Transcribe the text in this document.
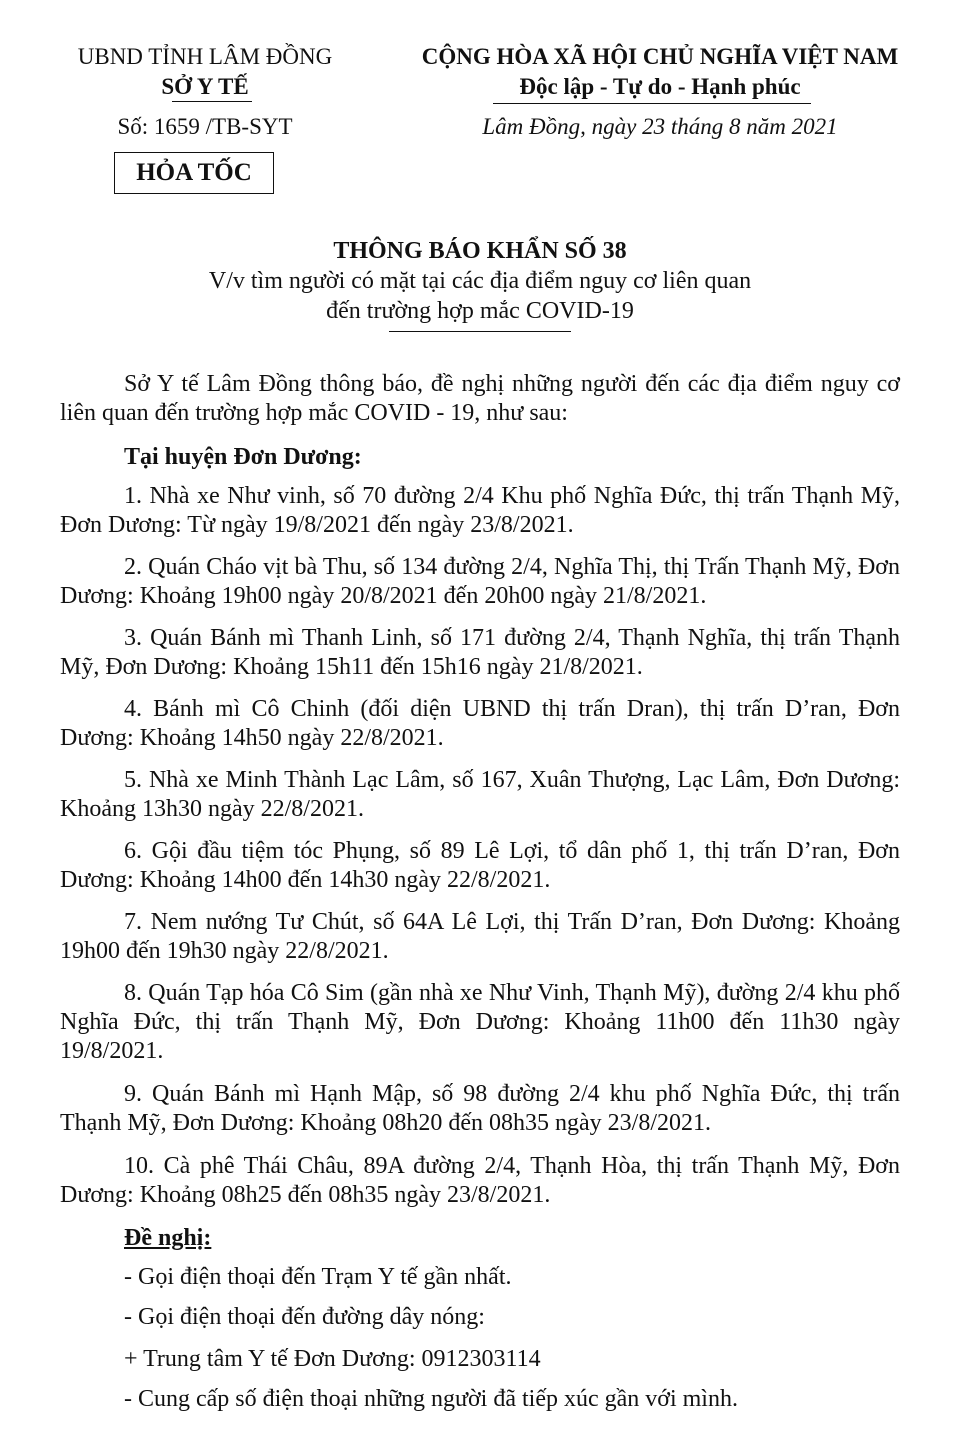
UBND TỈNH LÂM ĐỒNG
SỞ Y TẾ
Số: 1659 /TB-SYT
HỎA TỐC
CỘNG HÒA XÃ HỘI CHỦ NGHĨA VIỆT NAM
Độc lập - Tự do - Hạnh phúc
Lâm Đồng, ngày 23 tháng 8 năm 2021
THÔNG BÁO KHẨN SỐ 38
V/v tìm người có mặt tại các địa điểm nguy cơ liên quan
đến trường hợp mắc COVID-19
Sở Y tế Lâm Đồng thông báo, đề nghị những người đến các địa điểm nguy cơ liên quan đến trường hợp mắc COVID - 19, như sau:
Tại huyện Đơn Dương:
1. Nhà xe Như vinh, số 70 đường 2/4 Khu phố Nghĩa Đức, thị trấn Thạnh Mỹ, Đơn Dương: Từ ngày 19/8/2021 đến ngày 23/8/2021.
2. Quán Cháo vịt bà Thu, số 134 đường 2/4, Nghĩa Thị, thị Trấn Thạnh Mỹ, Đơn Dương: Khoảng 19h00 ngày 20/8/2021 đến 20h00 ngày 21/8/2021.
3. Quán Bánh mì Thanh Linh, số 171 đường 2/4, Thạnh Nghĩa, thị trấn Thạnh Mỹ, Đơn Dương: Khoảng 15h11 đến 15h16 ngày 21/8/2021.
4. Bánh mì Cô Chinh (đối diện UBND thị trấn Dran), thị trấn D’ran, Đơn Dương: Khoảng 14h50 ngày 22/8/2021.
5. Nhà xe Minh Thành Lạc Lâm, số 167, Xuân Thượng, Lạc Lâm, Đơn Dương: Khoảng 13h30 ngày 22/8/2021.
6. Gội đầu tiệm tóc Phụng, số 89 Lê Lợi, tổ dân phố 1, thị trấn D’ran, Đơn Dương: Khoảng 14h00 đến 14h30 ngày 22/8/2021.
7. Nem nướng Tư Chút, số 64A Lê Lợi, thị Trấn D’ran, Đơn Dương: Khoảng 19h00 đến 19h30 ngày 22/8/2021.
8. Quán Tạp hóa Cô Sim (gần nhà xe Như Vinh, Thạnh Mỹ), đường 2/4 khu phố Nghĩa Đức, thị trấn Thạnh Mỹ, Đơn Dương: Khoảng 11h00 đến 11h30 ngày 19/8/2021.
9. Quán Bánh mì Hạnh Mập, số 98 đường 2/4 khu phố Nghĩa Đức, thị trấn Thạnh Mỹ, Đơn Dương: Khoảng 08h20 đến 08h35 ngày 23/8/2021.
10. Cà phê Thái Châu, 89A đường 2/4, Thạnh Hòa, thị trấn Thạnh Mỹ, Đơn Dương: Khoảng 08h25 đến 08h35 ngày 23/8/2021.
Đề nghị:
- Gọi điện thoại đến Trạm Y tế gần nhất.
- Gọi điện thoại đến đường dây nóng:
+ Trung tâm Y tế Đơn Dương: 0912303114
- Cung cấp số điện thoại những người đã tiếp xúc gần với mình.
